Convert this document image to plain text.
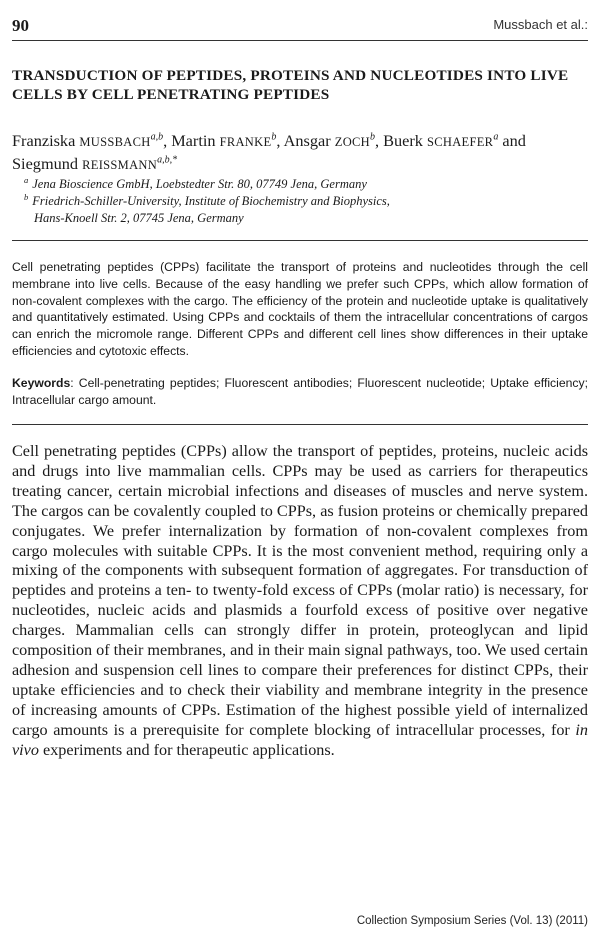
90	Mussbach et al.:
TRANSDUCTION OF PEPTIDES, PROTEINS AND NUCLEOTIDES INTO LIVE CELLS BY CELL PENETRATING PEPTIDES
Franziska MUSSBACH$^{a,b}$, Martin FRANKE$^b$, Ansgar ZOCH$^b$, Buerk SCHAEFER$^a$ and
Siegmund $REISSMANN^{a,b,*}$
$^a$ Jena Bioscience GmbH, Loebstedter Str. 80, 07749 Jena, Germany
$^b$ Friedrich-Schiller-University, Institute of Biochemistry and Biophysics,
Hans-Knoell Str. 2, 07745 Jena, Germany

Cell penetrating peptides (CPPs) facilitate the transport of proteins and nucleotides through the cell membrane into live cells. Because of the easy handling we prefer such CPPs, which allow formation of non-covalent complexes with the cargo. The efficiency of the protein and nucleotide uptake is qualitatively and quantitatively estimated. Using CPPs and cocktails of them the intracellular concentrations of cargos can enrich the micromole range. Different CPPs and different cell lines show differences in their uptake efficiencies and cytotoxic effects.

Keywords: Cell-penetrating peptides; Fluorescent antibodies; Fluorescent nucleotide; Uptake efficiency; Intracellular cargo amount.

Cell penetrating peptides (CPPs) allow the transport of peptides, proteins, nucleic acids and drugs into live mammalian cells. CPPs may be used as carriers for therapeutics treating cancer, certain microbial infections and diseases of muscles and nerve system. The cargos can be covalently coupled to CPPs, as fusion proteins or chemically prepared conjugates. We prefer internalization by formation of non-covalent complexes from cargo molecules with suitable CPPs. It is the most convenient method, requiring only a mixing of the components with subsequent formation of aggregates. For transduction of peptides and proteins a ten- to twenty-fold excess of CPPs (molar ratio) is necessary, for nucleotides, nucleic acids and plasmids a fourfold excess of positive over negative charges. Mammalian cells can strongly differ in protein, proteoglycan and lipid composition of their membranes, and in their main signal pathways, too. We used certain adhesion and suspension cell lines to compare their preferences for distinct CPPs, their uptake efficiencies and to check their viability and membrane integrity in the presence of increasing amounts of CPPs. Estimation of the highest possible yield of internalized cargo amounts is a prerequisite for complete blocking of intracellular processes, for in vivo experiments and for therapeutic applications.

Collection Symposium Series (Vol. 13) (2011)
